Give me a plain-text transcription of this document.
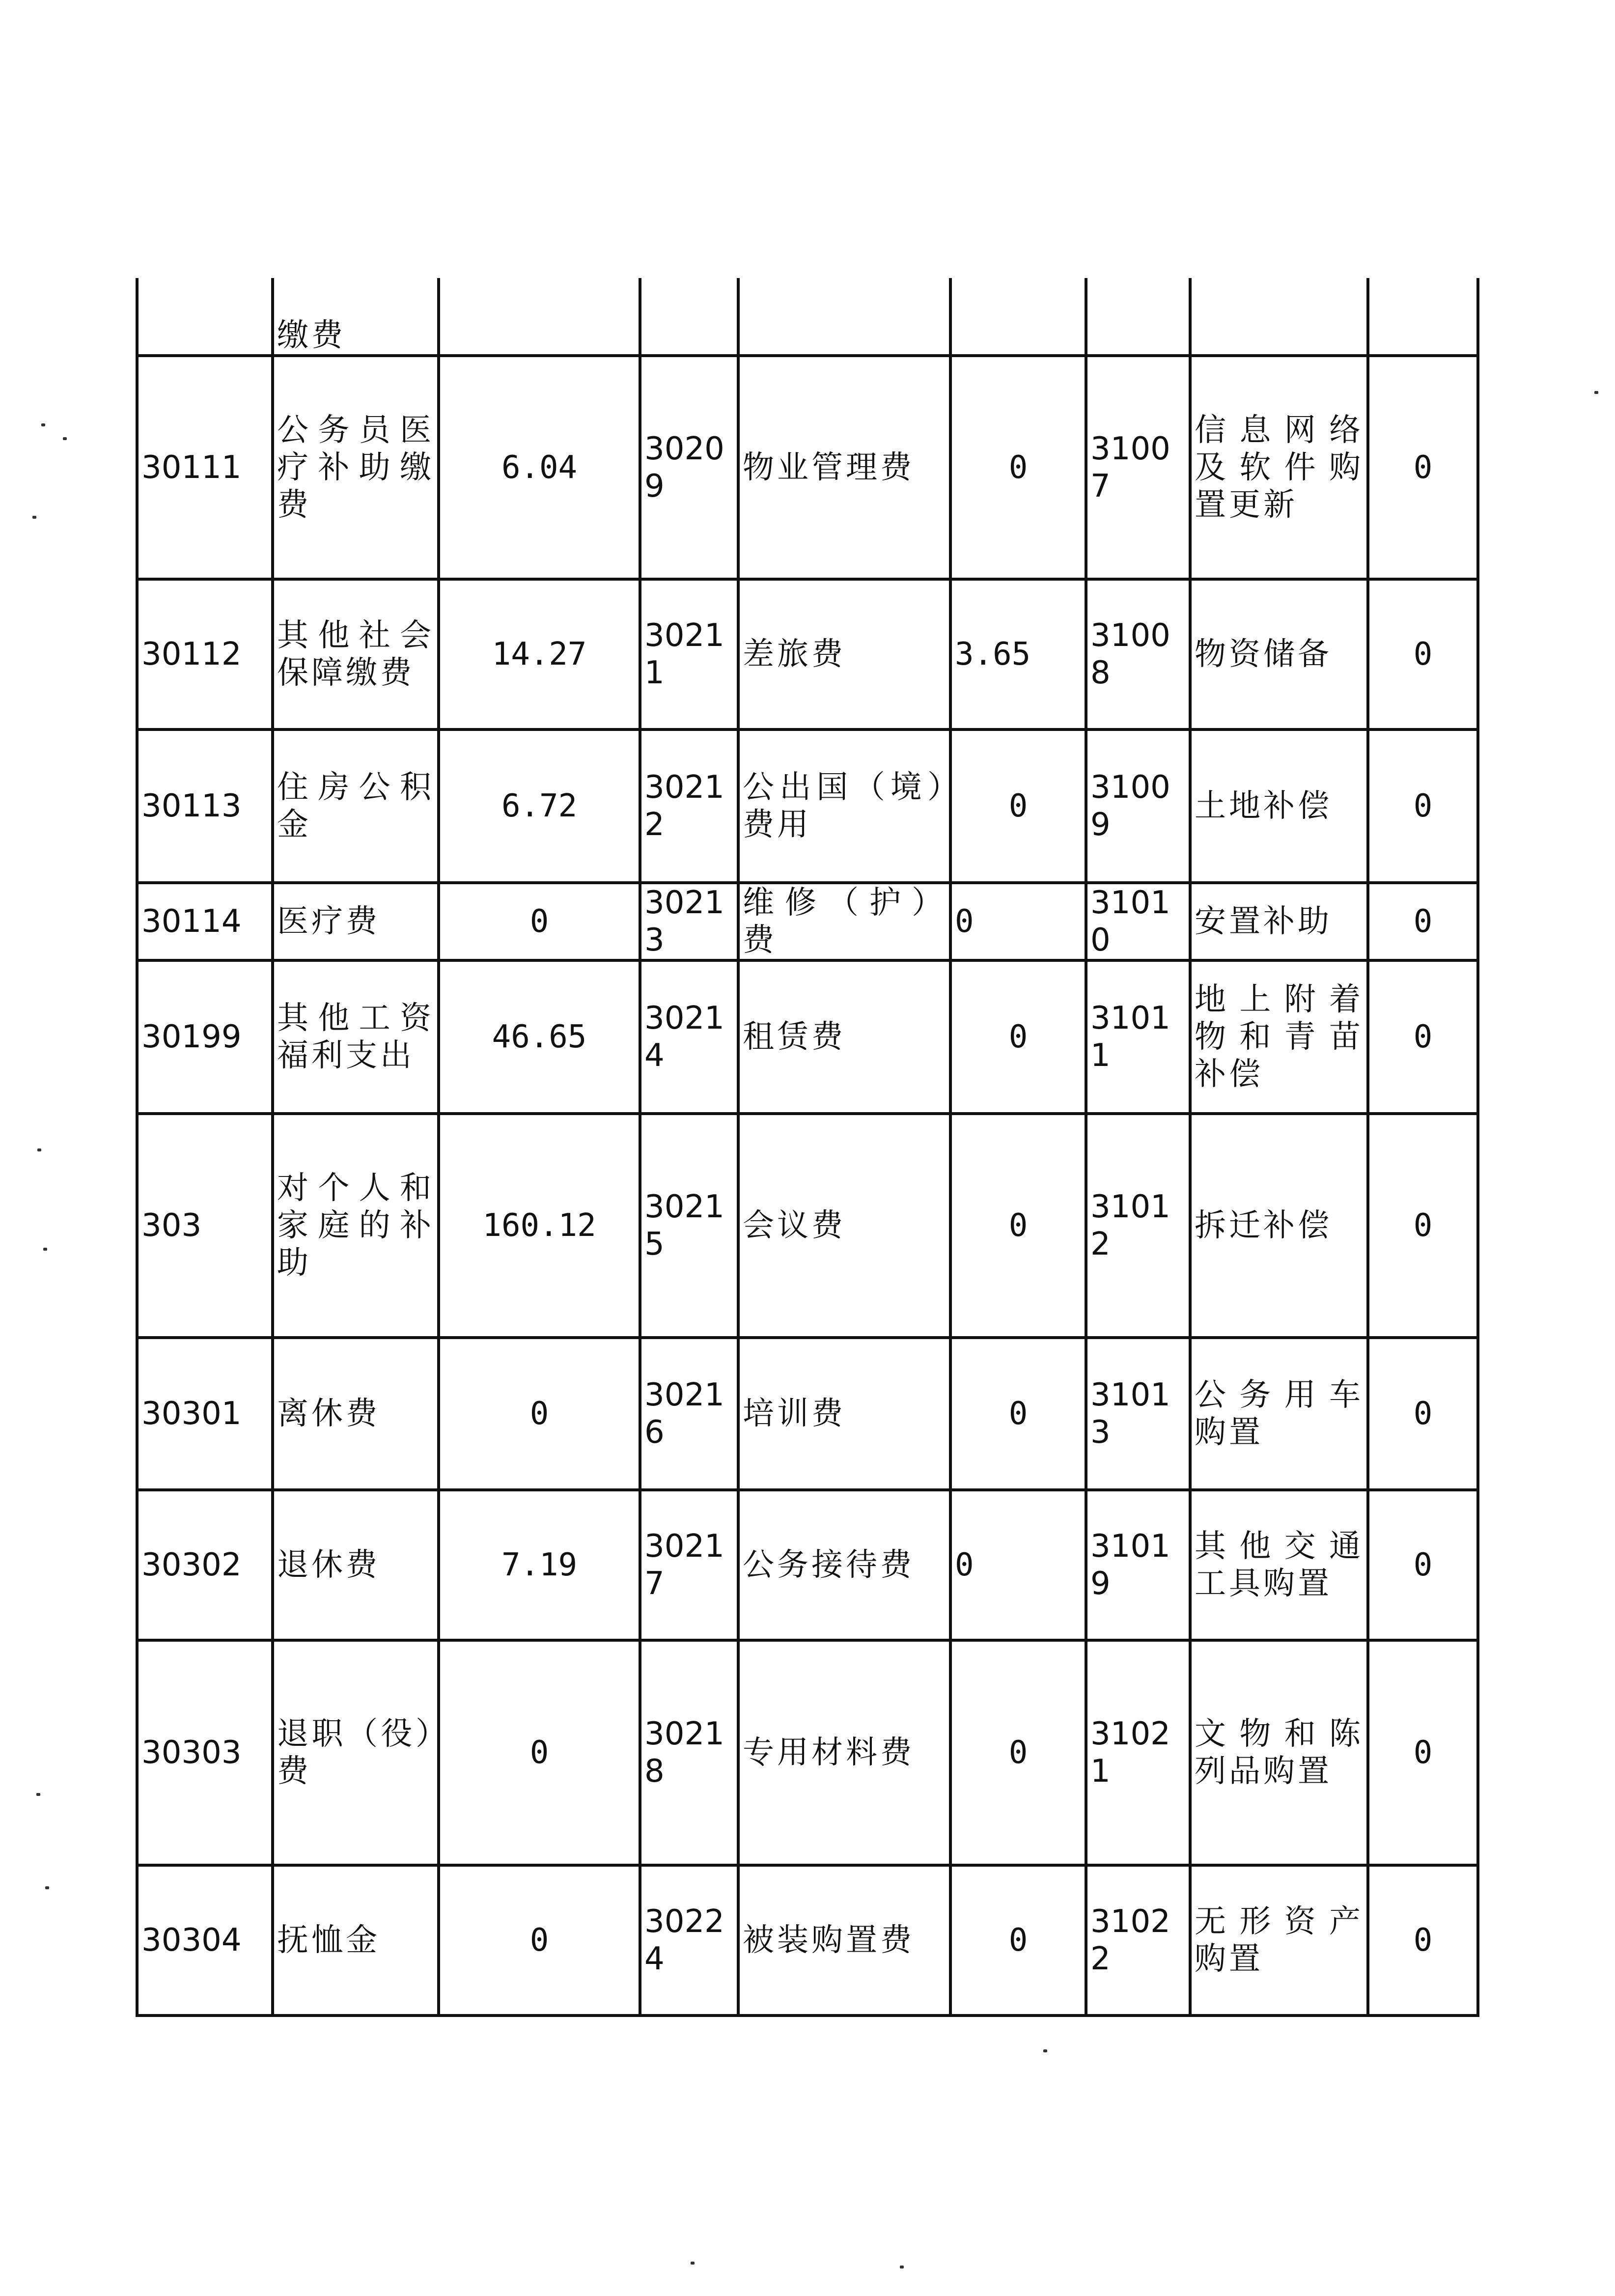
	缴费							
30111	公务员医疗补助缴费	6.04	30209	物业管理费	0	31007	信息网络及软件购置更新	0
30112	其他社会保障缴费	14.27	30211	差旅费	3.65	31008	物资储备	0
30113	住房公积金	6.72	30212	公出国（境）费用	0	31009	土地补偿	0
30114	医疗费	0	30213	维修（护）费	0	31010	安置补助	0
30199	其他工资福利支出	46.65	30214	租赁费	0	31011	地上附着物和青苗补偿	0
303	对个人和家庭的补助	160.12	30215	会议费	0	31012	拆迁补偿	0
30301	离休费	0	30216	培训费	0	31013	公务用车购置	0
30302	退休费	7.19	30217	公务接待费	0	31019	其他交通工具购置	0
30303	退职（役）费	0	30218	专用材料费	0	31021	文物和陈列品购置	0
30304	抚恤金	0	30224	被装购置费	0	31022	无形资产购置	0
